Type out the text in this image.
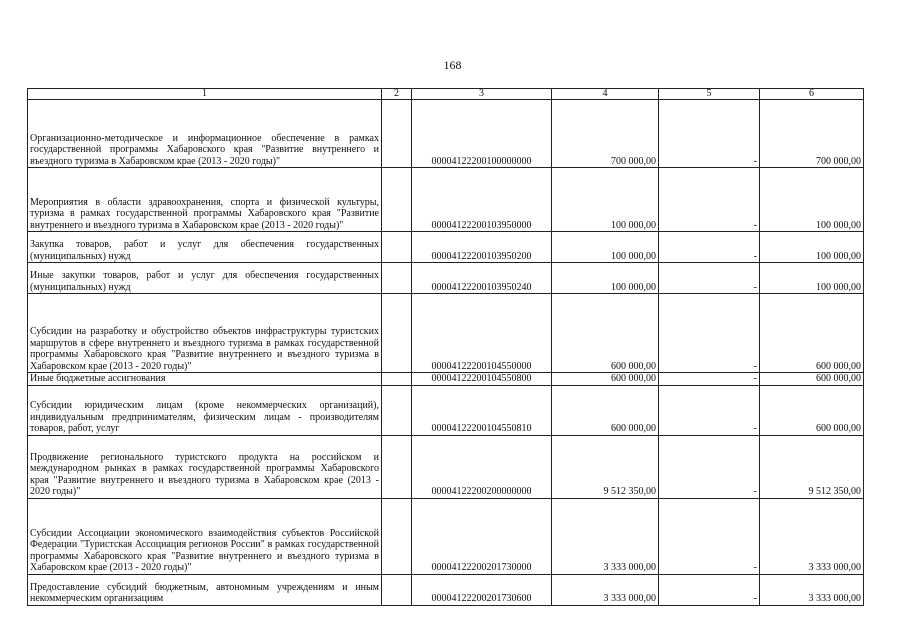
168
1	2	3	4	5	6
Организационно-методическое и информационное обеспечение в рамках государственной программы Хабаровского края "Развитие внутреннего и въездного туризма в Хабаровском крае (2013 - 2020 годы)"		00004122200100000000	700 000,00	-	700 000,00
Мероприятия в области здравоохранения, спорта и физической культуры, туризма в рамках государственной программы Хабаровского края "Развитие внутреннего и въездного туризма в Хабаровском крае (2013 - 2020 годы)"		00004122200103950000	100 000,00	-	100 000,00
Закупка товаров, работ и услуг для обеспечения государственных (муниципальных) нужд		00004122200103950200	100 000,00	-	100 000,00
Иные закупки товаров, работ и услуг для обеспечения государственных (муниципальных) нужд		00004122200103950240	100 000,00	-	100 000,00
Субсидии на разработку и обустройство объектов инфраструктуры туристских маршрутов в сфере внутреннего и въездного туризма в рамках государственной программы Хабаровского края "Развитие внутреннего и въездного туризма в Хабаровском крае (2013 - 2020 годы)"		00004122200104550000	600 000,00	-	600 000,00
Иные бюджетные ассигнования		00004122200104550800	600 000,00	-	600 000,00
Субсидии юридическим лицам (кроме некоммерческих организаций), индивидуальным предпринимателям, физическим лицам - производителям товаров, работ, услуг		00004122200104550810	600 000,00	-	600 000,00
Продвижение регионального туристского продукта на российском и международном рынках в рамках государственной программы Хабаровского края "Развитие внутреннего и въездного туризма в Хабаровском крае (2013 - 2020 годы)"		00004122200200000000	9 512 350,00	-	9 512 350,00
Субсидии Ассоциации экономического взаимодействия субъектов Российской Федерации "Туристская Ассоциация регионов России" в рамках государственной программы Хабаровского края "Развитие внутреннего и въездного туризма в Хабаровском крае (2013 - 2020 годы)"		00004122200201730000	3 333 000,00	-	3 333 000,00
Предоставление субсидий бюджетным, автономным учреждениям и иным некоммерческим организациям		00004122200201730600	3 333 000,00	-	3 333 000,00
